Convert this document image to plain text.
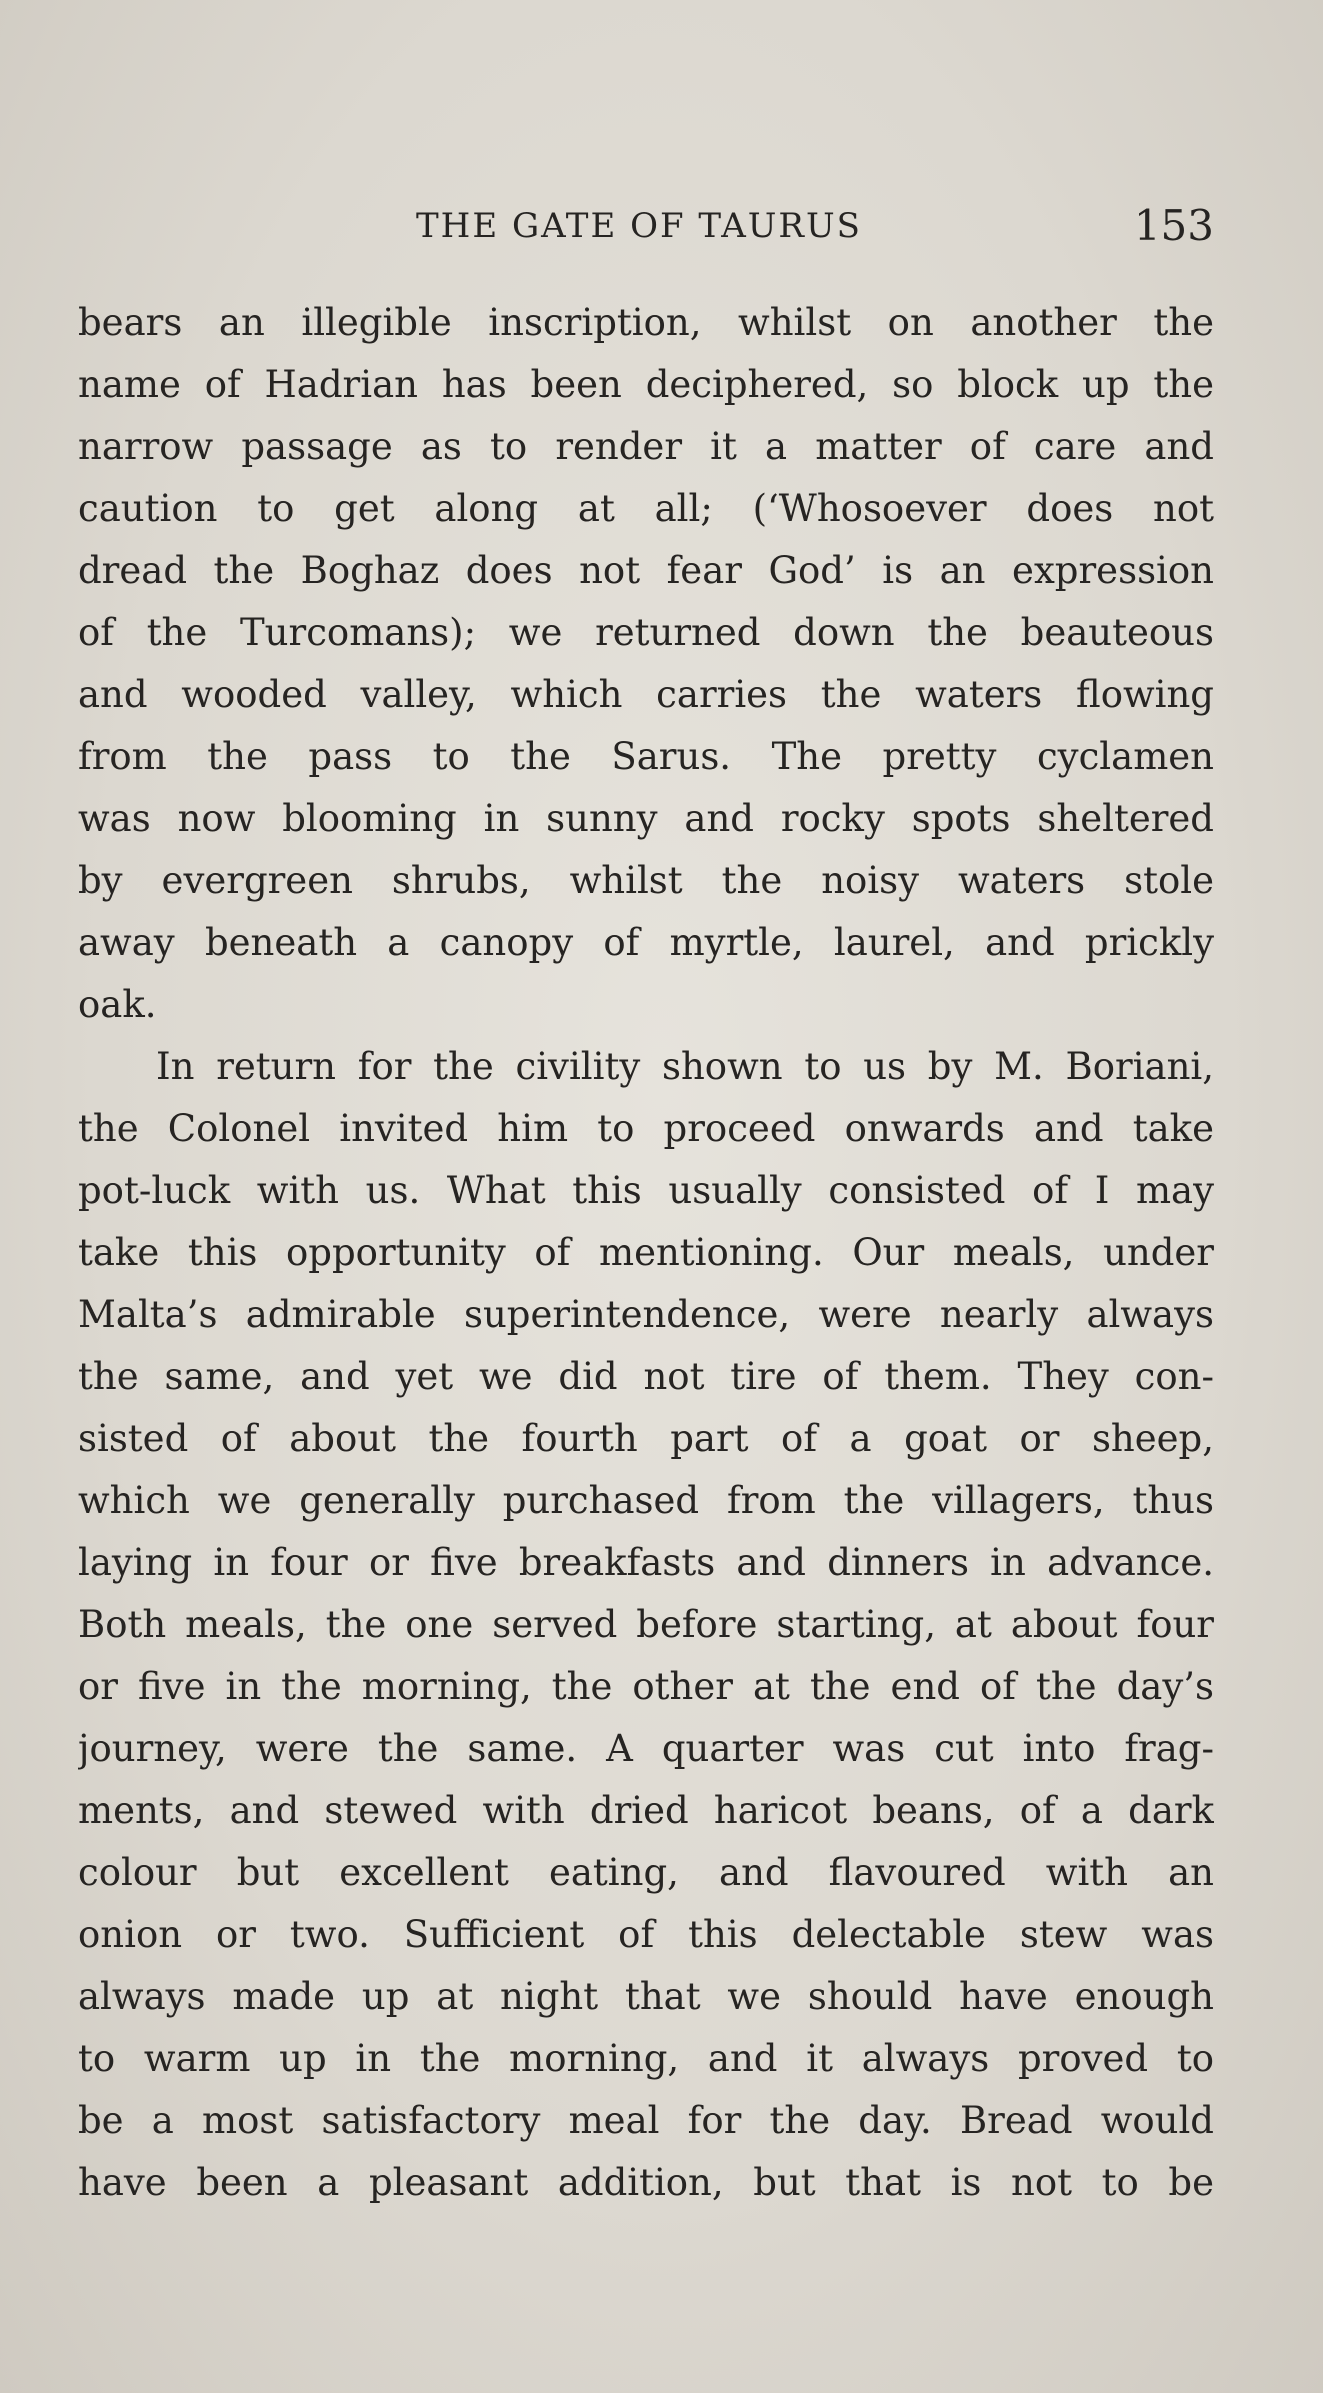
THE GATE OF TAURUS	153
bears an illegible inscription, whilst on another the
name of Hadrian has been deciphered, so block up the
narrow passage as to render it a matter of care and
caution to get along at all; (‘Whosoever does not
dread the Boghaz does not fear God’ is an expression
of the Turcomans); we returned down the beauteous
and wooded valley, which carries the waters flowing
from the pass to the Sarus. The pretty cyclamen
was now blooming in sunny and rocky spots sheltered
by evergreen shrubs, whilst the noisy waters stole
away beneath a canopy of myrtle, laurel, and prickly
oak.
In return for the civility shown to us by M. Boriani,
the Colonel invited him to proceed onwards and take
pot-luck with us. What this usually consisted of I may
take this opportunity of mentioning. Our meals, under
Malta’s admirable superintendence, were nearly always
the same, and yet we did not tire of them. They con-
sisted of about the fourth part of a goat or sheep,
which we generally purchased from the villagers, thus
laying in four or five breakfasts and dinners in advance.
Both meals, the one served before starting, at about four
or five in the morning, the other at the end of the day’s
journey, were the same. A quarter was cut into frag-
ments, and stewed with dried haricot beans, of a dark
colour but excellent eating, and flavoured with an
onion or two. Sufficient of this delectable stew was
always made up at night that we should have enough
to warm up in the morning, and it always proved to
be a most satisfactory meal for the day. Bread would
have been a pleasant addition, but that is not to be
